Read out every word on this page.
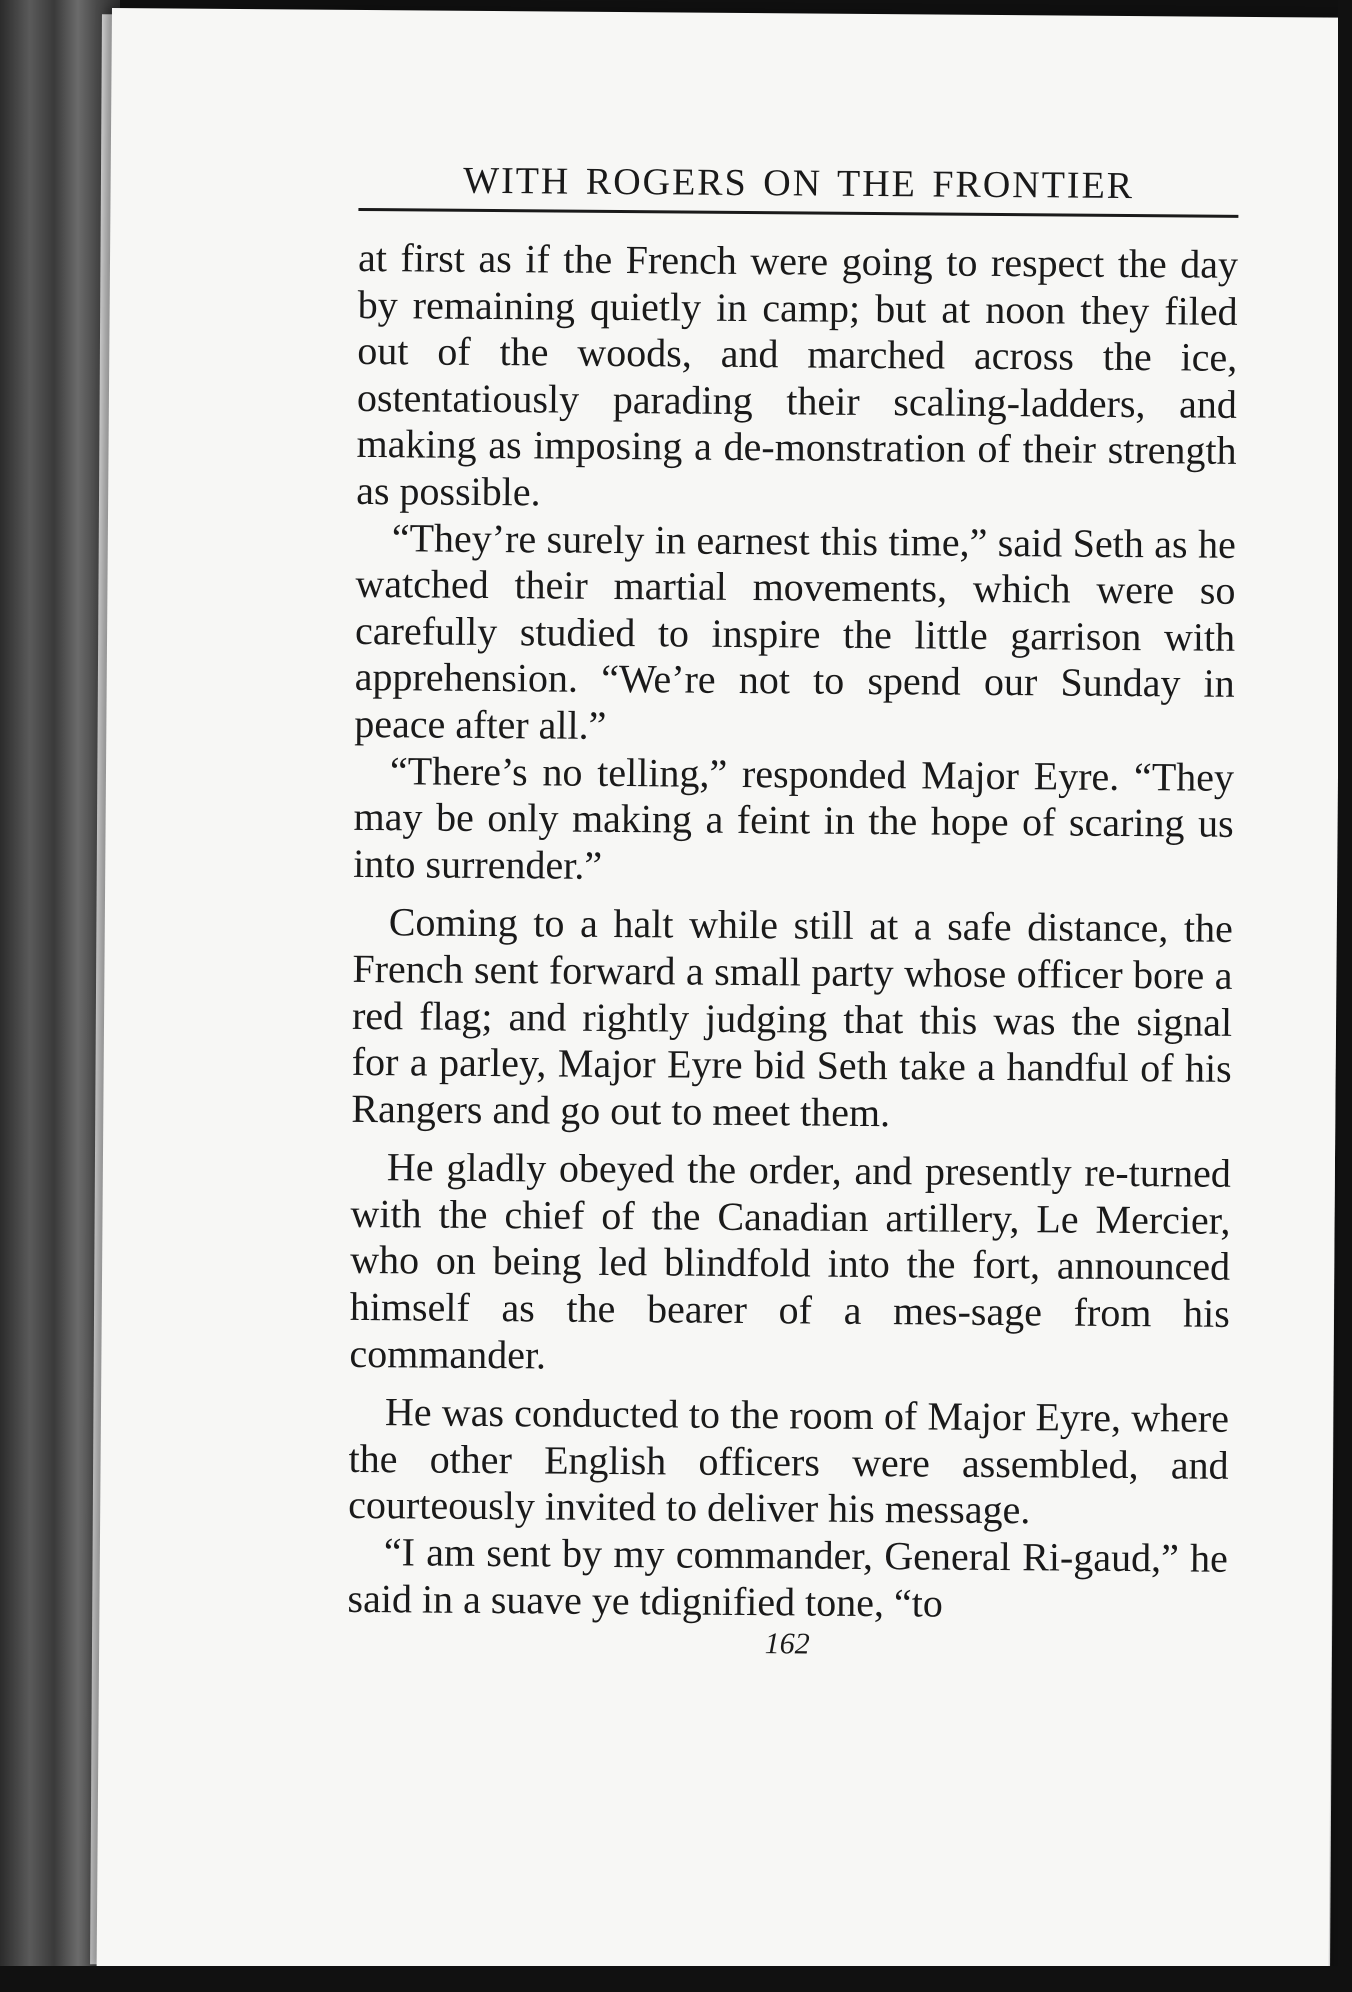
WITH ROGERS ON THE FRONTIER

at first as if the French were going to respect the day by remaining quietly in camp; but at noon they filed out of the woods, and marched across the ice, ostentatiously parading their scaling-ladders, and making as imposing a de-monstration of their strength as possible.

“They’re surely in earnest this time,” said Seth as he watched their martial movements, which were so carefully studied to inspire the little garrison with apprehension. “We’re not to spend our Sunday in peace after all.”

“There’s no telling,” responded Major Eyre. “They may be only making a feint in the hope of scaring us into surrender.”

Coming to a halt while still at a safe distance, the French sent forward a small party whose officer bore a red flag; and rightly judging that this was the signal for a parley, Major Eyre bid Seth take a handful of his Rangers and go out to meet them.

He gladly obeyed the order, and presently re-turned with the chief of the Canadian artillery, Le Mercier, who on being led blindfold into the fort, announced himself as the bearer of a mes-sage from his commander.

He was conducted to the room of Major Eyre, where the other English officers were assembled, and courteously invited to deliver his message.

“I am sent by my commander, General Ri-gaud,” he said in a suave ye tdignified tone, “to

162
